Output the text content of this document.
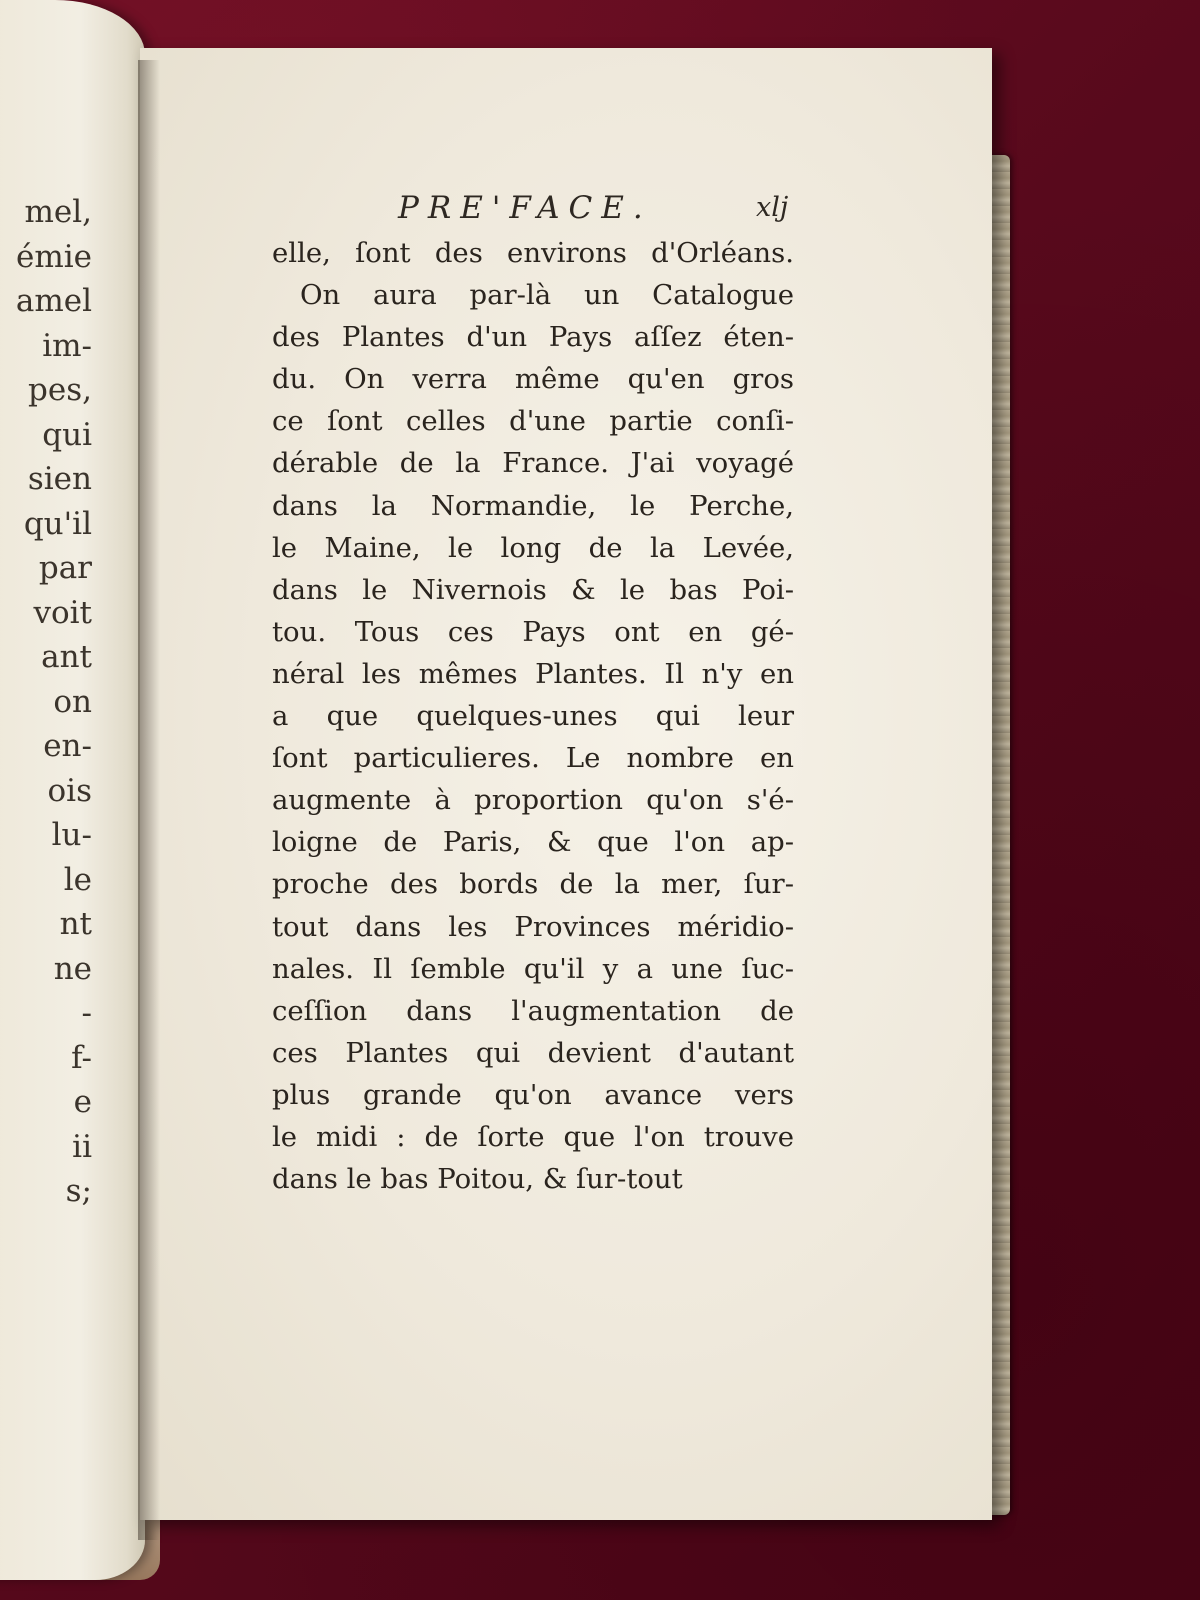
mel,
émie
amel
im-
pes,
qui
sien
qu'il
par
voit
ant
on
en-
ois
lu-
le
nt
ne
-
f-
e
ii
s;
PRE'FACE.	xlj
elle, ſont des environs d'Orléans.
On aura par-là un Catalogue
des Plantes d'un Pays aſſez éten-
du. On verra même qu'en gros
ce ſont celles d'une partie conſi-
dérable de la France. J'ai voyagé
dans la Normandie, le Perche,
le Maine, le long de la Levée,
dans le Nivernois & le bas Poi-
tou. Tous ces Pays ont en gé-
néral les mêmes Plantes. Il n'y en
a que quelques-unes qui leur
ſont particulieres. Le nombre en
augmente à proportion qu'on s'é-
loigne de Paris, & que l'on ap-
proche des bords de la mer, ſur-
tout dans les Provinces méridio-
nales. Il ſemble qu'il y a une ſuc-
ceſſion dans l'augmentation de
ces Plantes qui devient d'autant
plus grande qu'on avance vers
le midi : de ſorte que l'on trouve
dans le bas Poitou, & ſur-tout
